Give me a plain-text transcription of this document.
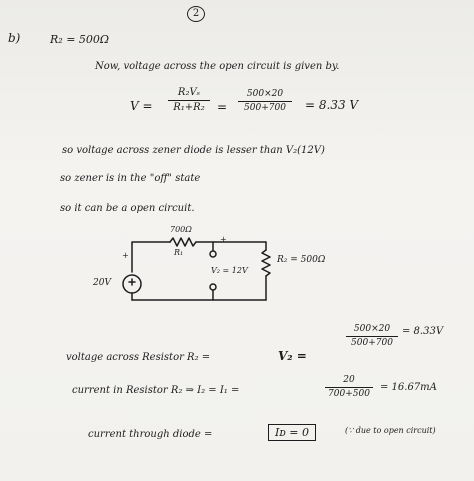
2
b)	R₂ = 500Ω
Now, voltage across the open circuit is given by.
V =
R₂Vₛ
R₁+R₂	=
500×20
500+700	= 8.33 V
so voltage across zener diode is lesser than V₂(12V)
so zener is in the "off" state
so it can be a open circuit.
700Ω
R₁
+
+
V₂ = 12V
R₂ = 500Ω
20V
voltage across Resistor R₂ =	V₂ =
500×20
500+700
= 8.33V
current in Resistor R₂ ⇒ I₂ = I₁ =
20
700+500
= 16.67mA
current through diode =	Iᴅ = 0	(∵ due to open circuit)
